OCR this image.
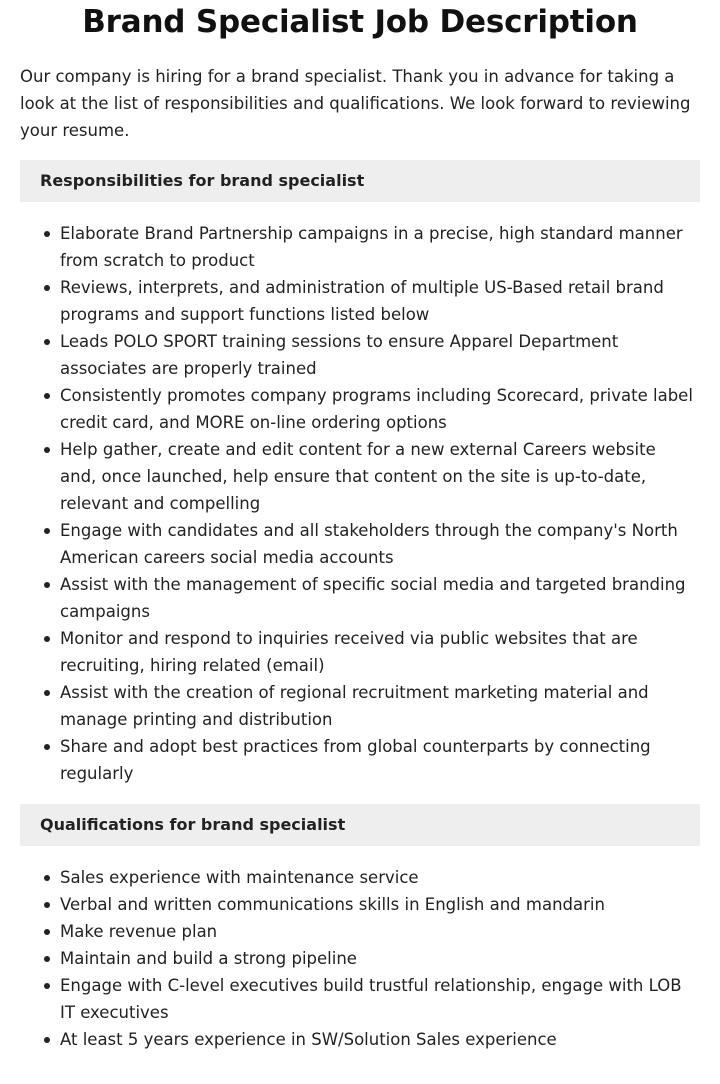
Brand Specialist Job Description

Our company is hiring for a brand specialist. Thank you in advance for taking a look at the list of responsibilities and qualifications. We look forward to reviewing your resume.

Responsibilities for brand specialist
Elaborate Brand Partnership campaigns in a precise, high standard manner from scratch to product
Reviews, interprets, and administration of multiple US-Based retail brand programs and support functions listed below
Leads POLO SPORT training sessions to ensure Apparel Department associates are properly trained
Consistently promotes company programs including Scorecard, private label credit card, and MORE on-line ordering options
Help gather, create and edit content for a new external Careers website and, once launched, help ensure that content on the site is up-to-date, relevant and compelling
Engage with candidates and all stakeholders through the company's North American careers social media accounts
Assist with the management of specific social media and targeted branding campaigns
Monitor and respond to inquiries received via public websites that are recruiting, hiring related (email)
Assist with the creation of regional recruitment marketing material and manage printing and distribution
Share and adopt best practices from global counterparts by connecting regularly
Qualifications for brand specialist
Sales experience with maintenance service
Verbal and written communications skills in English and mandarin
Make revenue plan
Maintain and build a strong pipeline
Engage with C-level executives build trustful relationship, engage with LOB IT executives
At least 5 years experience in SW/Solution Sales experience
